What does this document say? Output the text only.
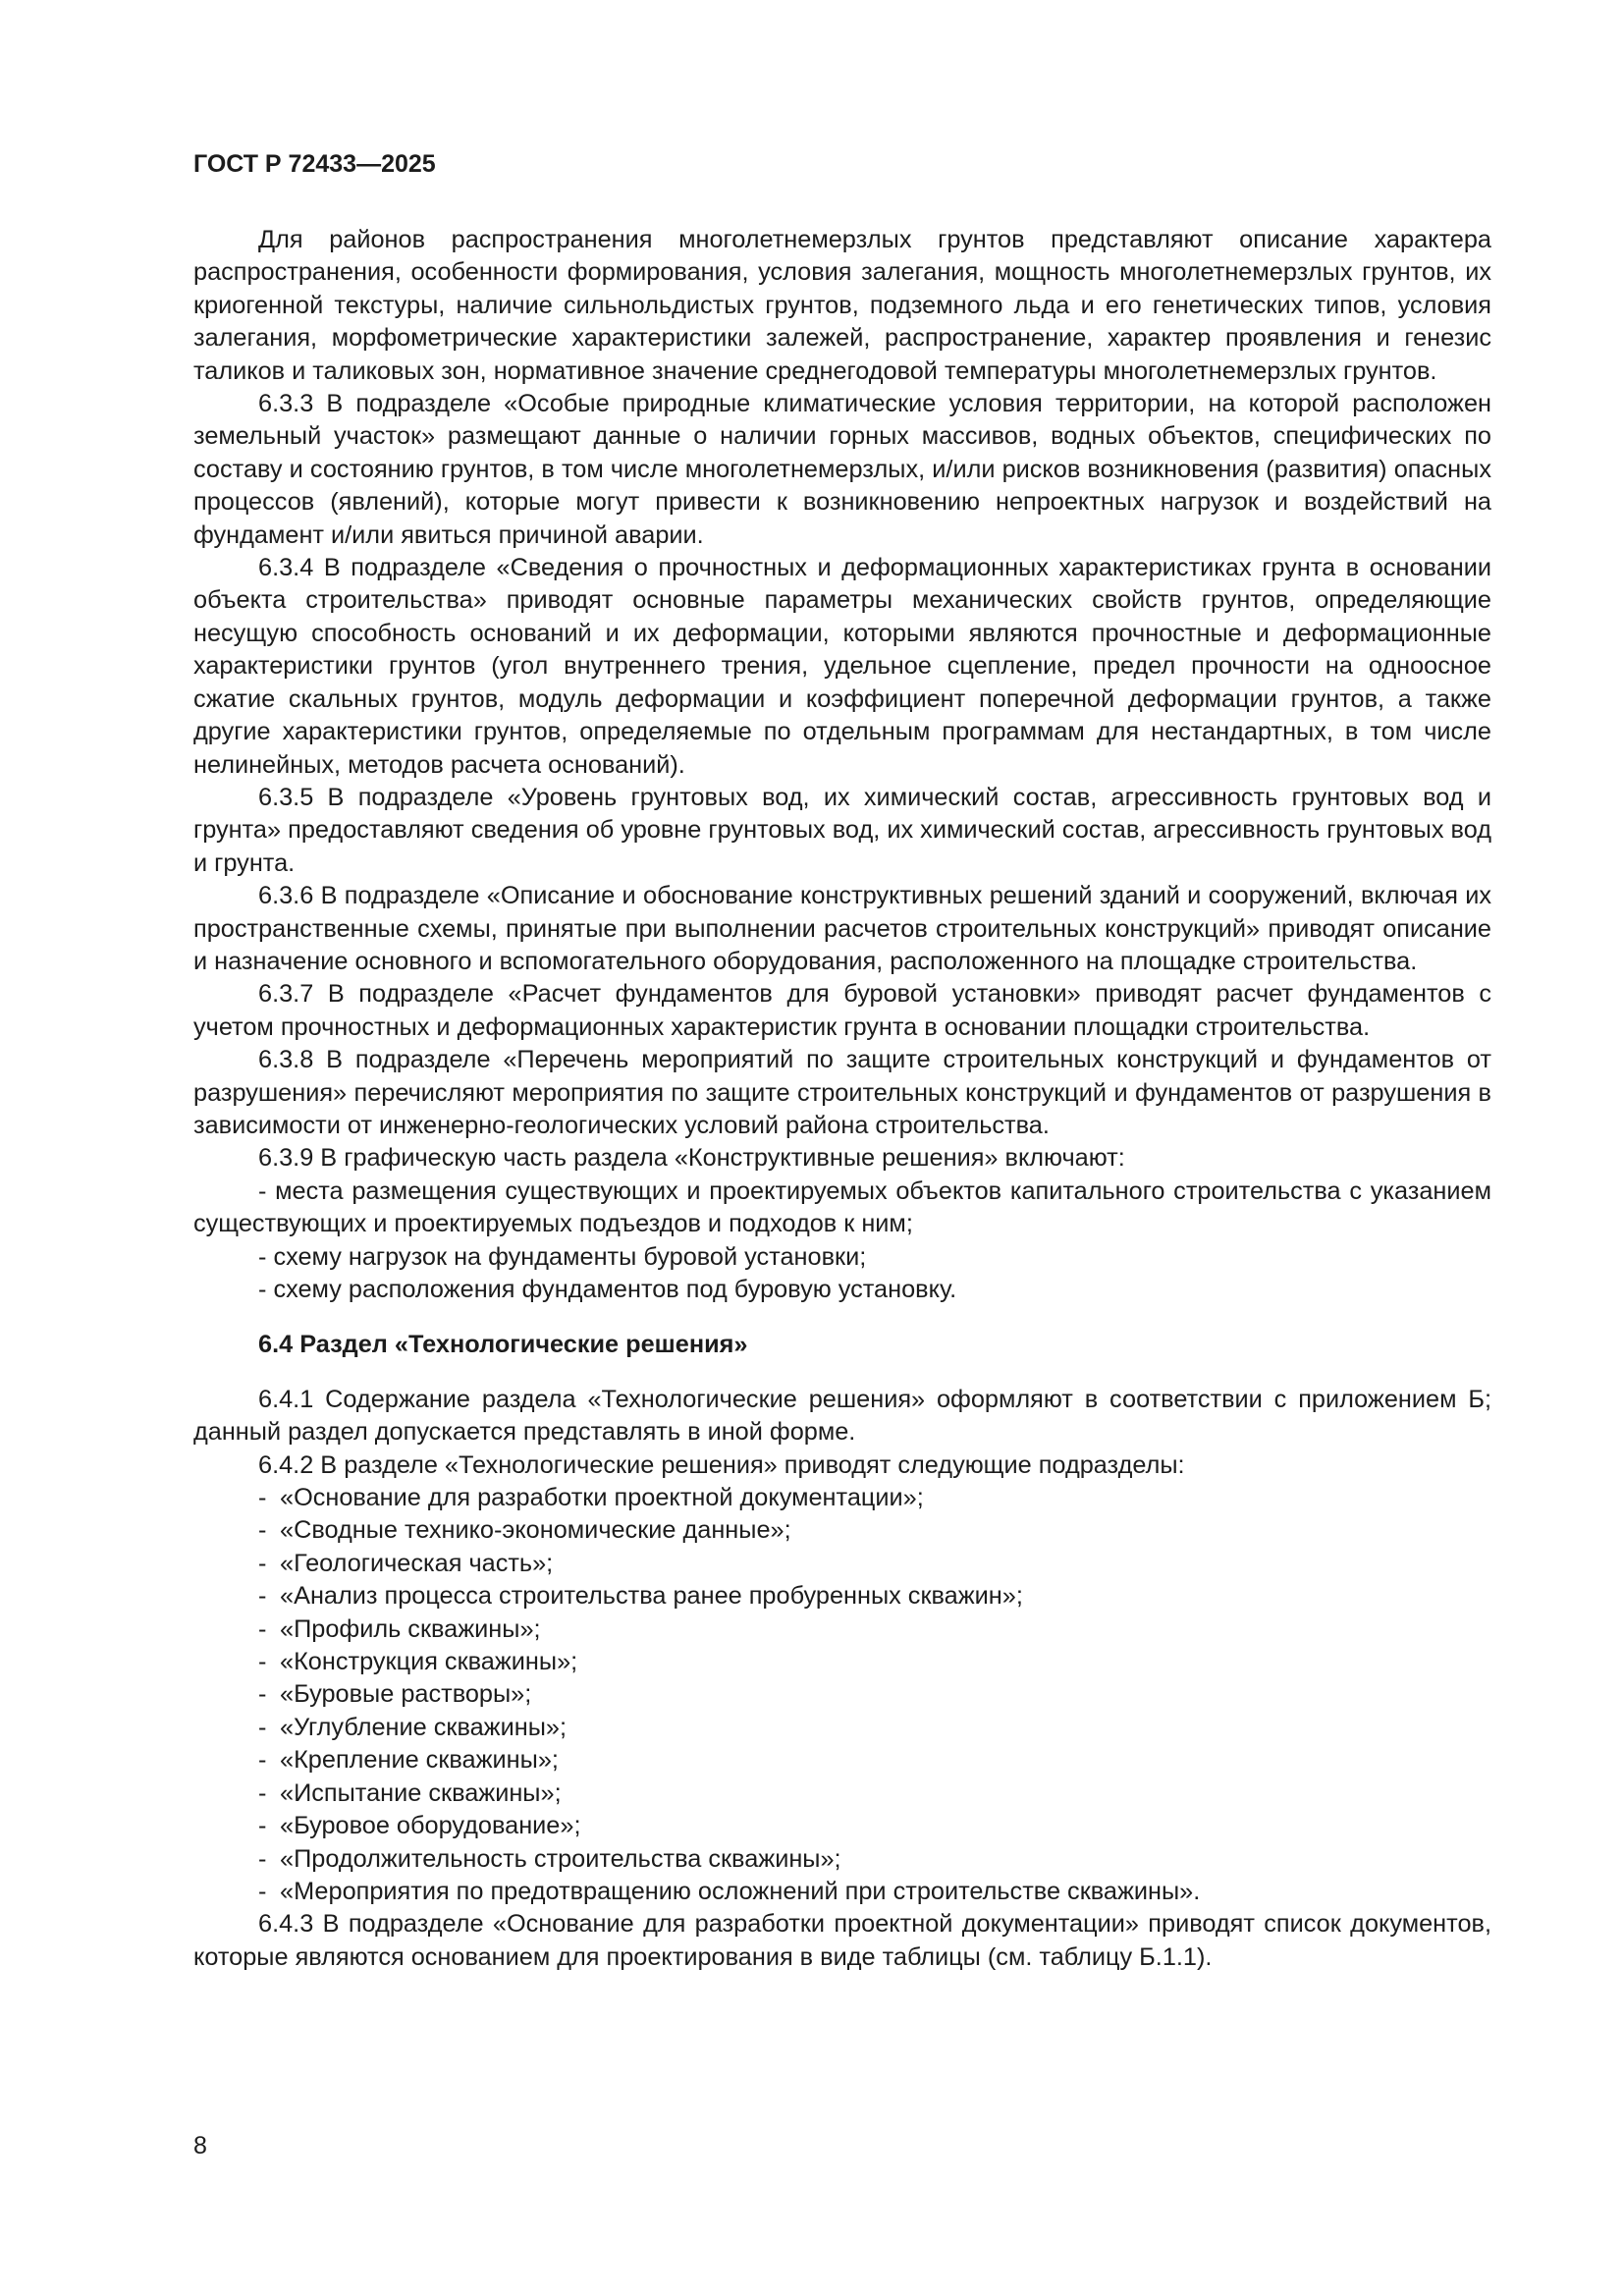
ГОСТ Р 72433—2025

Для районов распространения многолетнемерзлых грунтов представляют описание характера распространения, особенности формирования, условия залегания, мощность многолетнемерзлых грунтов, их криогенной текстуры, наличие сильнольдистых грунтов, подземного льда и его генетических типов, условия залегания, морфометрические характеристики залежей, распространение, характер проявления и генезис таликов и таликовых зон, нормативное значение среднегодовой температуры многолетнемерзлых грунтов.

6.3.3 В подразделе «Особые природные климатические условия территории, на которой расположен земельный участок» размещают данные о наличии горных массивов, водных объектов, специфических по составу и состоянию грунтов, в том числе многолетнемерзлых, и/или рисков возникновения (развития) опасных процессов (явлений), которые могут привести к возникновению непроектных нагрузок и воздействий на фундамент и/или явиться причиной аварии.

6.3.4 В подразделе «Сведения о прочностных и деформационных характеристиках грунта в основании объекта строительства» приводят основные параметры механических свойств грунтов, определяющие несущую способность оснований и их деформации, которыми являются прочностные и деформационные характеристики грунтов (угол внутреннего трения, удельное сцепление, предел прочности на одноосное сжатие скальных грунтов, модуль деформации и коэффициент поперечной деформации грунтов, а также другие характеристики грунтов, определяемые по отдельным программам для нестандартных, в том числе нелинейных, методов расчета оснований).

6.3.5 В подразделе «Уровень грунтовых вод, их химический состав, агрессивность грунтовых вод и грунта» предоставляют сведения об уровне грунтовых вод, их химический состав, агрессивность грунтовых вод и грунта.

6.3.6 В подразделе «Описание и обоснование конструктивных решений зданий и сооружений, включая их пространственные схемы, принятые при выполнении расчетов строительных конструкций» приводят описание и назначение основного и вспомогательного оборудования, расположенного на площадке строительства.

6.3.7 В подразделе «Расчет фундаментов для буровой установки» приводят расчет фундаментов с учетом прочностных и деформационных характеристик грунта в основании площадки строительства.

6.3.8 В подразделе «Перечень мероприятий по защите строительных конструкций и фундаментов от разрушения» перечисляют мероприятия по защите строительных конструкций и фундаментов от разрушения в зависимости от инженерно-геологических условий района строительства.

6.3.9 В графическую часть раздела «Конструктивные решения» включают:

- места размещения существующих и проектируемых объектов капитального строительства с указанием существующих и проектируемых подъездов и подходов к ним;

- схему нагрузок на фундаменты буровой установки;

- схему расположения фундаментов под буровую установку.

6.4 Раздел «Технологические решения»

6.4.1 Содержание раздела «Технологические решения» оформляют в соответствии с приложением Б; данный раздел допускается представлять в иной форме.

6.4.2 В разделе «Технологические решения» приводят следующие подразделы:

- «Основание для разработки проектной документации»;
- «Сводные технико-экономические данные»;
- «Геологическая часть»;
- «Анализ процесса строительства ранее пробуренных скважин»;
- «Профиль скважины»;
- «Конструкция скважины»;
- «Буровые растворы»;
- «Углубление скважины»;
- «Крепление скважины»;
- «Испытание скважины»;
- «Буровое оборудование»;
- «Продолжительность строительства скважины»;
- «Мероприятия по предотвращению осложнений при строительстве скважины».

6.4.3 В подразделе «Основание для разработки проектной документации» приводят список документов, которые являются основанием для проектирования в виде таблицы (см. таблицу Б.1.1).

8
